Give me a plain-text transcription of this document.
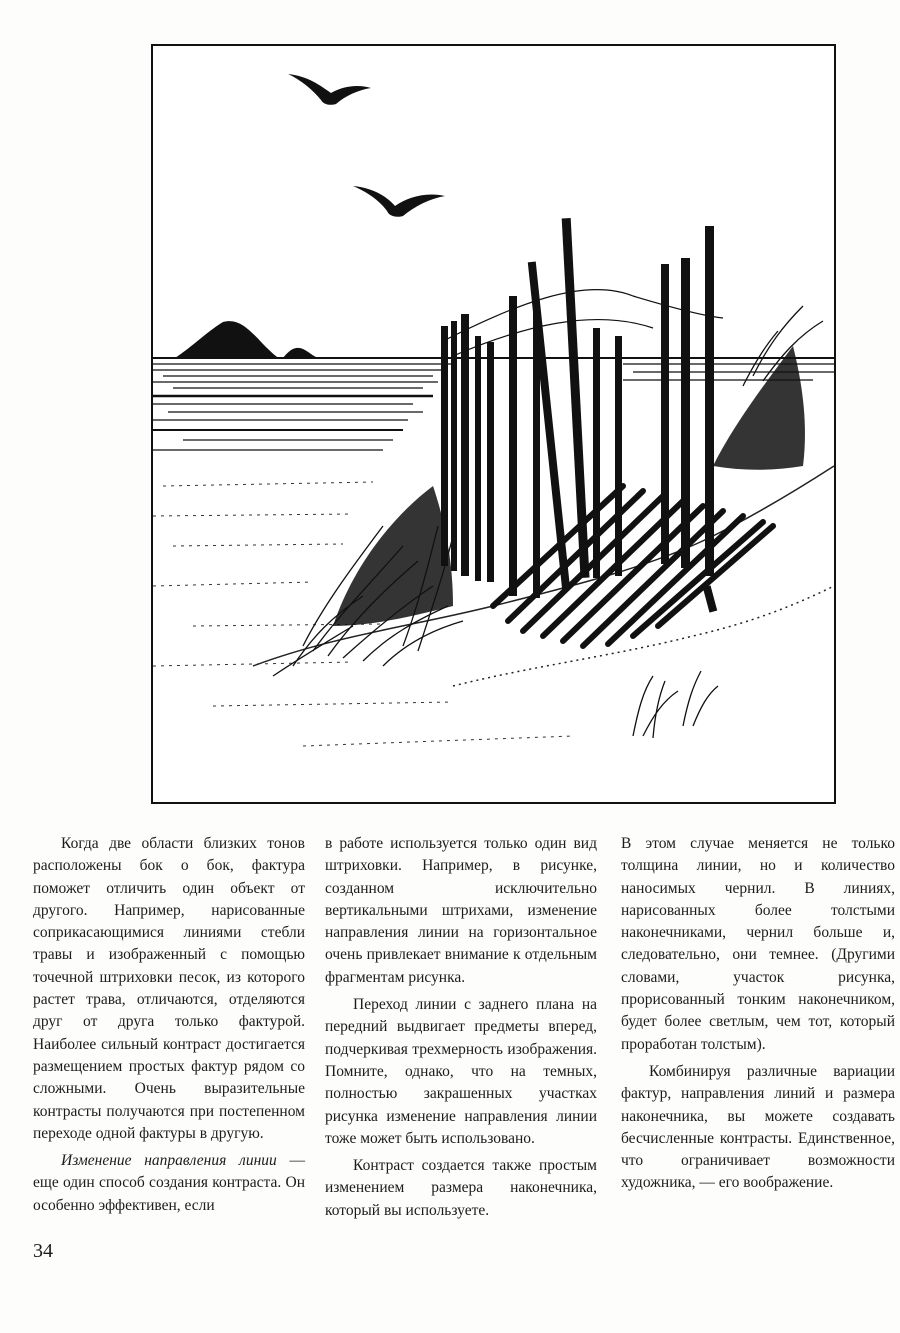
Когда две области близких тонов расположены бок о бок, фактура поможет отличить один объект от другого. Например, нарисованные соприкасающимися линиями стебли травы и изображенный с помощью точечной штриховки песок, из которого растет трава, отличаются, отделяются друг от друга только фактурой. Наиболее сильный контраст достигается размещением простых фактур рядом со сложными. Очень выразительные контрасты получаются при постепенном переходе одной фактуры в другую.

Изменение направления линии — еще один способ создания контраста. Он особенно эффективен, если

в работе используется только один вид штриховки. Например, в рисунке, созданном исключительно вертикальными штрихами, изменение направления линии на горизонтальное очень привлекает внимание к отдельным фрагментам рисунка.

Переход линии с заднего плана на передний выдвигает предметы вперед, подчеркивая трехмерность изображения. Помните, однако, что на темных, полностью закрашенных участках рисунка изменение направления линии тоже может быть использовано.

Контраст создается также простым изменением размера наконечника, который вы используете.

В этом случае меняется не только толщина линии, но и количество наносимых чернил. В линиях, нарисованных более толстыми наконечниками, чернил больше и, следовательно, они темнее. (Другими словами, участок рисунка, прорисованный тонким наконечником, будет более светлым, чем тот, который проработан толстым).

Комбинируя различные вариации фактур, направления линий и размера наконечника, вы можете создавать бесчисленные контрасты. Единственное, что ограничивает возможности художника, — его воображение.

34
